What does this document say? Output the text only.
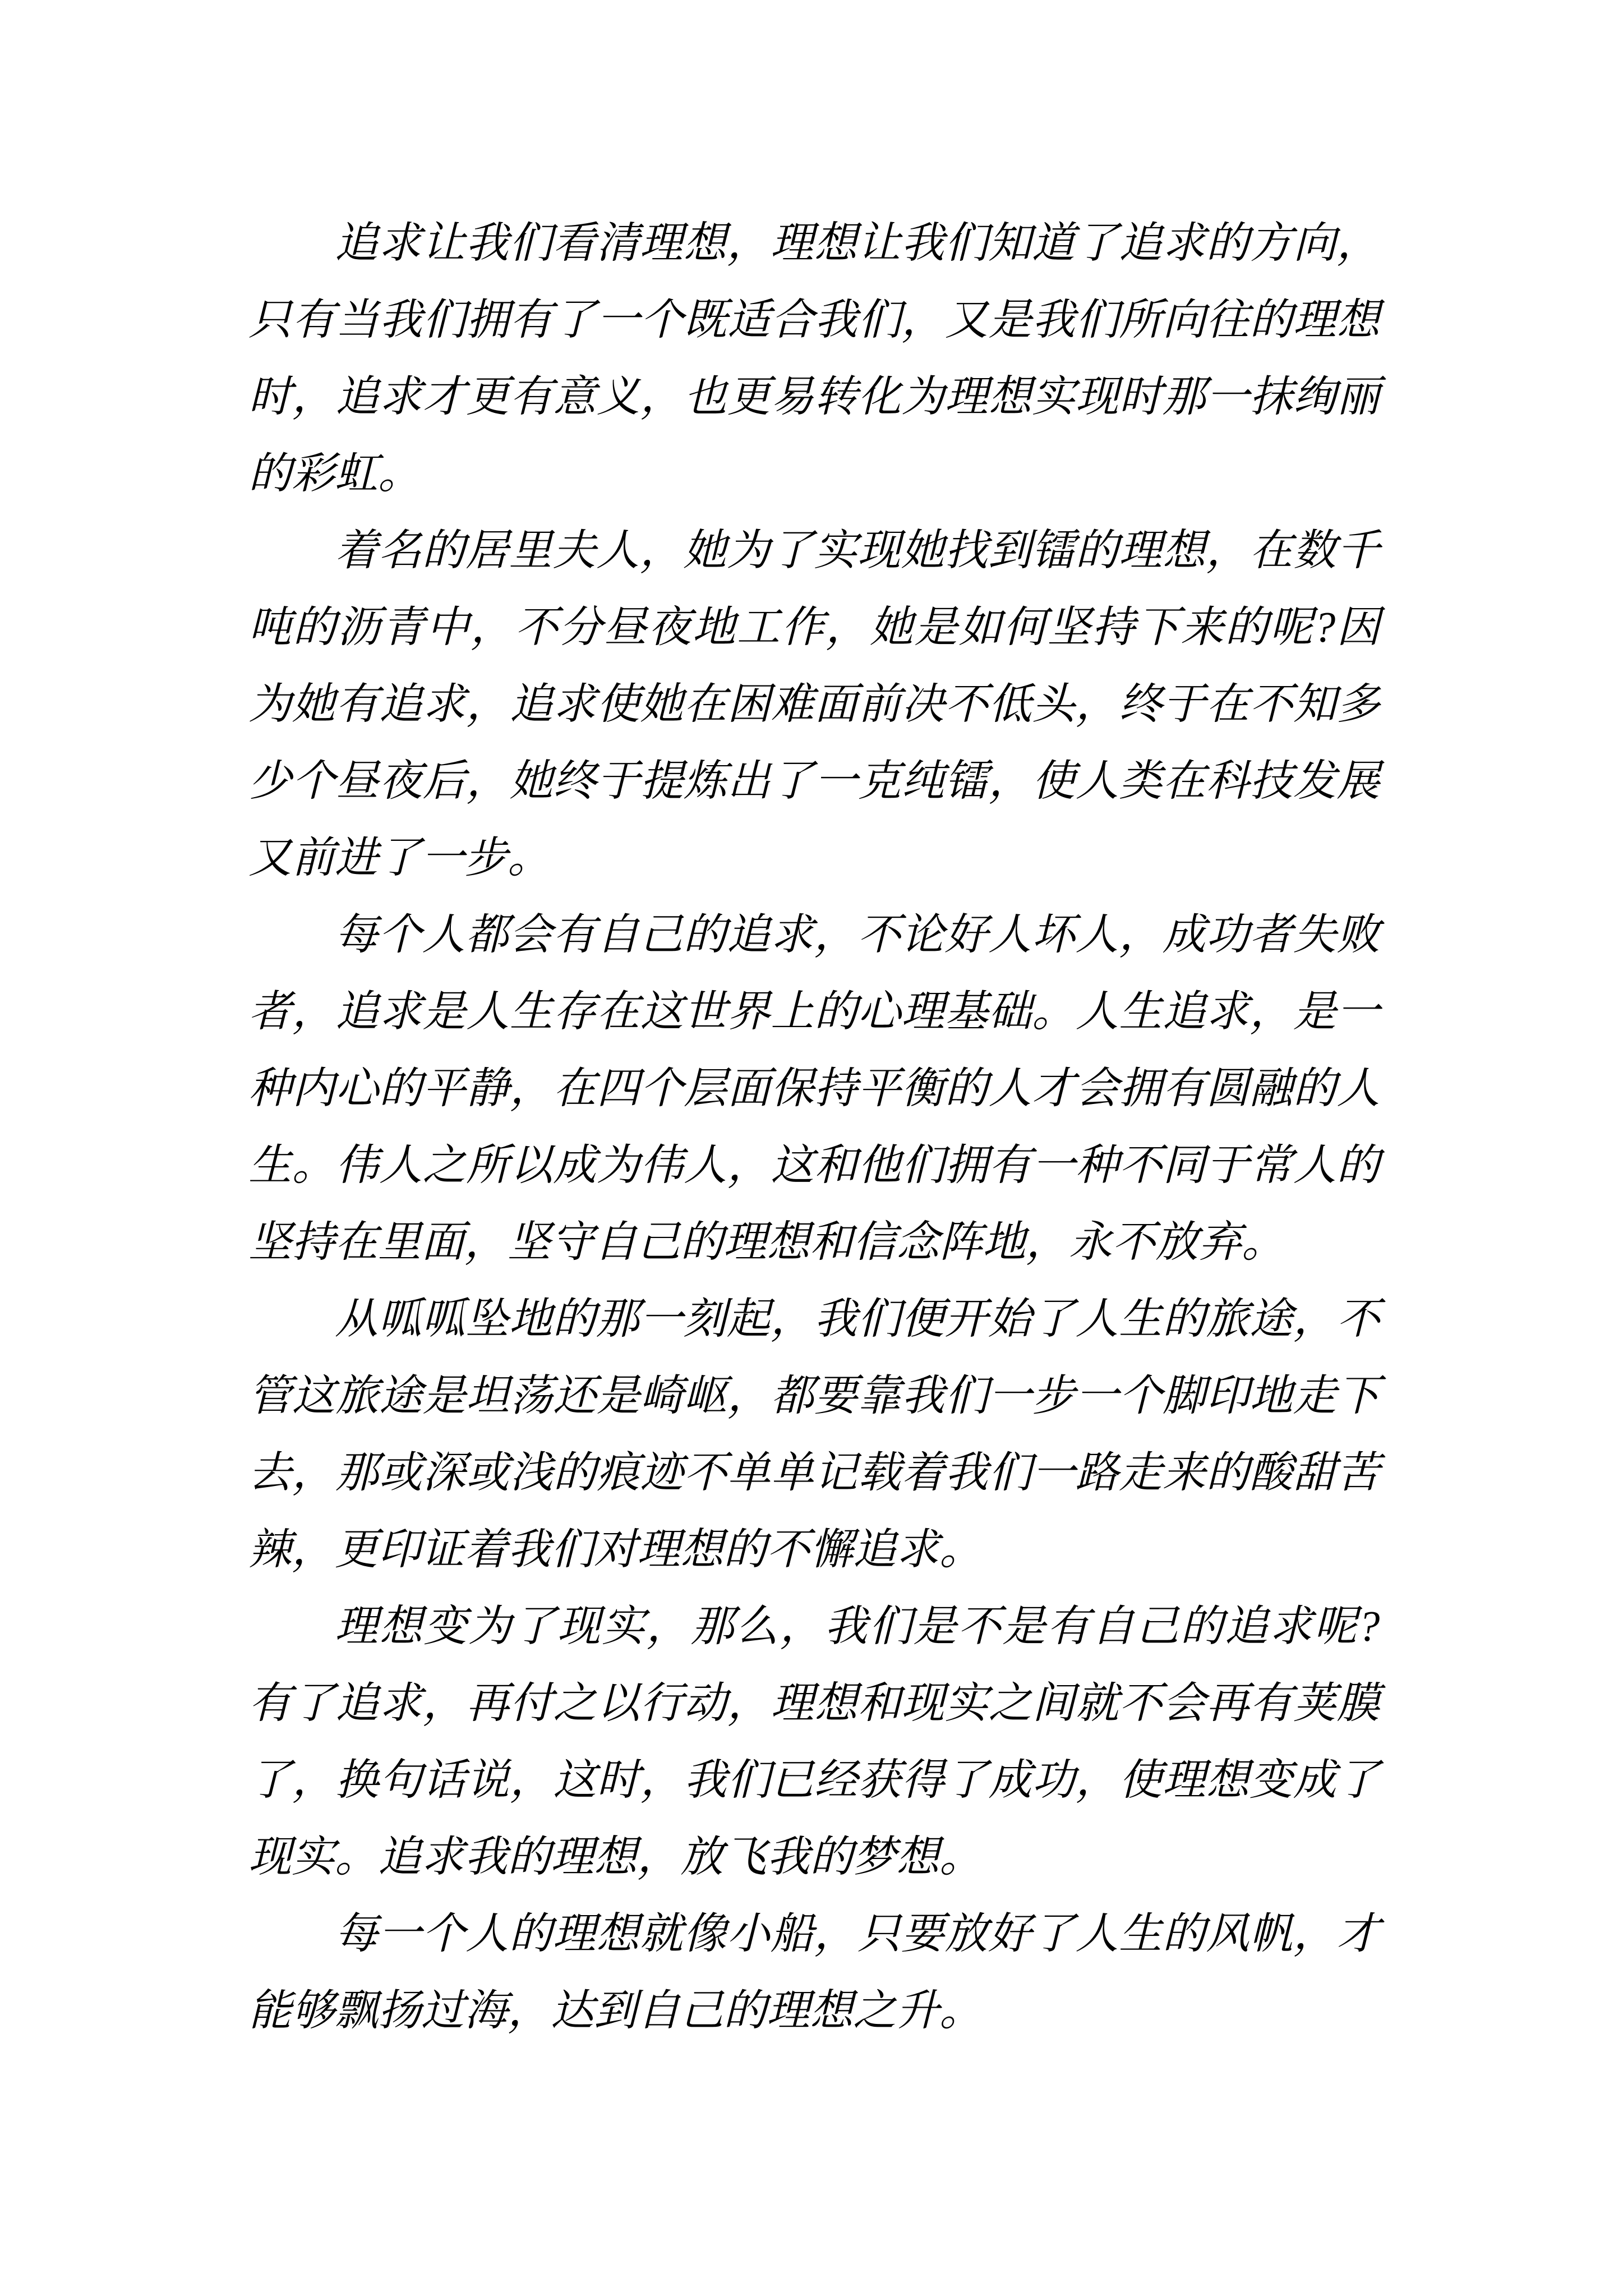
追求让我们看清理想，理想让我们知道了追求的方向，只有当我们拥有了一个既适合我们，又是我们所向往的理想时，追求才更有意义，也更易转化为理想实现时那一抹绚丽的彩虹。

着名的居里夫人，她为了实现她找到镭的理想，在数千吨的沥青中，不分昼夜地工作，她是如何坚持下来的呢?因为她有追求，追求使她在困难面前决不低头，终于在不知多少个昼夜后，她终于提炼出了一克纯镭，使人类在科技发展又前进了一步。

每个人都会有自己的追求，不论好人坏人，成功者失败者，追求是人生存在这世界上的心理基础。人生追求，是一种内心的平静，在四个层面保持平衡的人才会拥有圆融的人生。伟人之所以成为伟人，这和他们拥有一种不同于常人的坚持在里面，坚守自己的理想和信念阵地，永不放弃。

从呱呱坠地的那一刻起，我们便开始了人生的旅途，不管这旅途是坦荡还是崎岖，都要靠我们一步一个脚印地走下去，那或深或浅的痕迹不单单记载着我们一路走来的酸甜苦辣，更印证着我们对理想的不懈追求。

理想变为了现实，那么，我们是不是有自己的追求呢?有了追求，再付之以行动，理想和现实之间就不会再有荚膜了，换句话说，这时，我们已经获得了成功，使理想变成了现实。追求我的理想，放飞我的梦想。

每一个人的理想就像小船，只要放好了人生的风帆，才能够飘扬过海，达到自己的理想之升。
